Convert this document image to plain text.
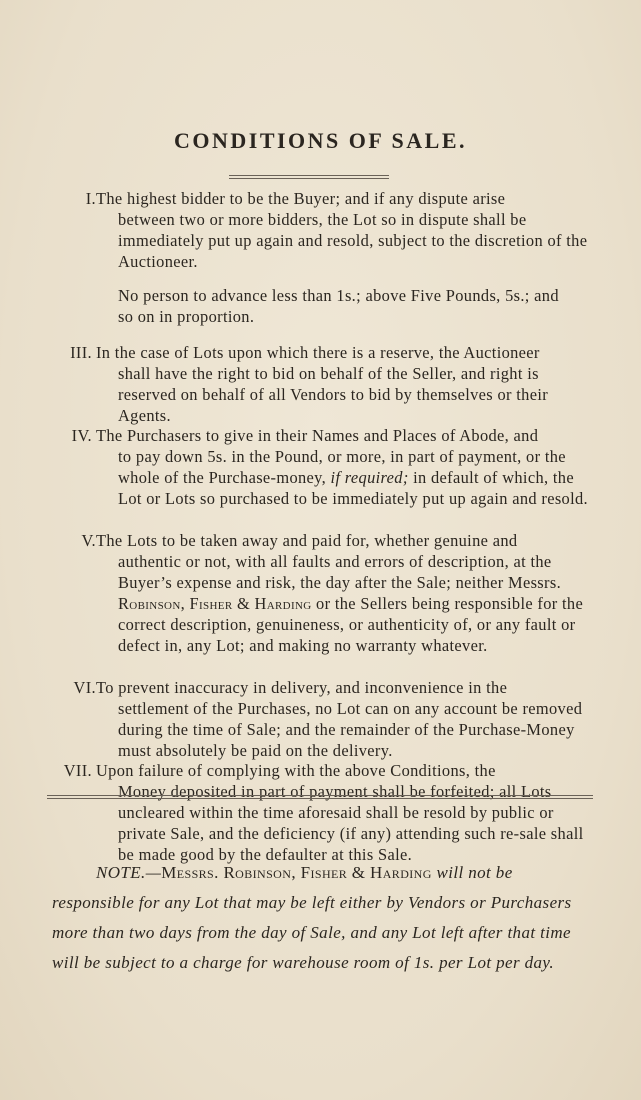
CONDITIONS OF SALE.
I. The highest bidder to be the Buyer; and if any dispute arise
between two or more bidders, the Lot so in dispute shall be immediately put up again and resold, subject to the discretion of the Auctioneer.
No person to advance less than 1s.; above Five Pounds, 5s.; and
so on in proportion.
III. In the case of Lots upon which there is a reserve, the Auctioneer
shall have the right to bid on behalf of the Seller, and right is reserved on behalf of all Vendors to bid by themselves or their Agents.
IV. The Purchasers to give in their Names and Places of Abode, and
to pay down 5s. in the Pound, or more, in part of payment, or the whole of the Purchase-money, if required; in default of which, the Lot or Lots so purchased to be immediately put up again and resold.
V. The Lots to be taken away and paid for, whether genuine and
authentic or not, with all faults and errors of description, at the Buyer’s expense and risk, the day after the Sale; neither Messrs. Robinson, Fisher & Harding or the Sellers being responsible for the correct description, genuineness, or authenticity of, or any fault or defect in, any Lot; and making no warranty whatever.
VI. To prevent inaccuracy in delivery, and inconvenience in the
settlement of the Purchases, no Lot can on any account be removed during the time of Sale; and the remainder of the Purchase-Money must absolutely be paid on the delivery.
VII. Upon failure of complying with the above Conditions, the
Money deposited in part of payment shall be forfeited; all Lots uncleared within the time aforesaid shall be resold by public or private Sale, and the deficiency (if any) attending such re-sale shall be made good by the defaulter at this Sale.
NOTE.—Messrs. Robinson, Fisher & Harding will not be responsible for any Lot that may be left either by Vendors or Purchasers more than two days from the day of Sale, and any Lot left after that time will be subject to a charge for warehouse room of 1s. per Lot per day.
